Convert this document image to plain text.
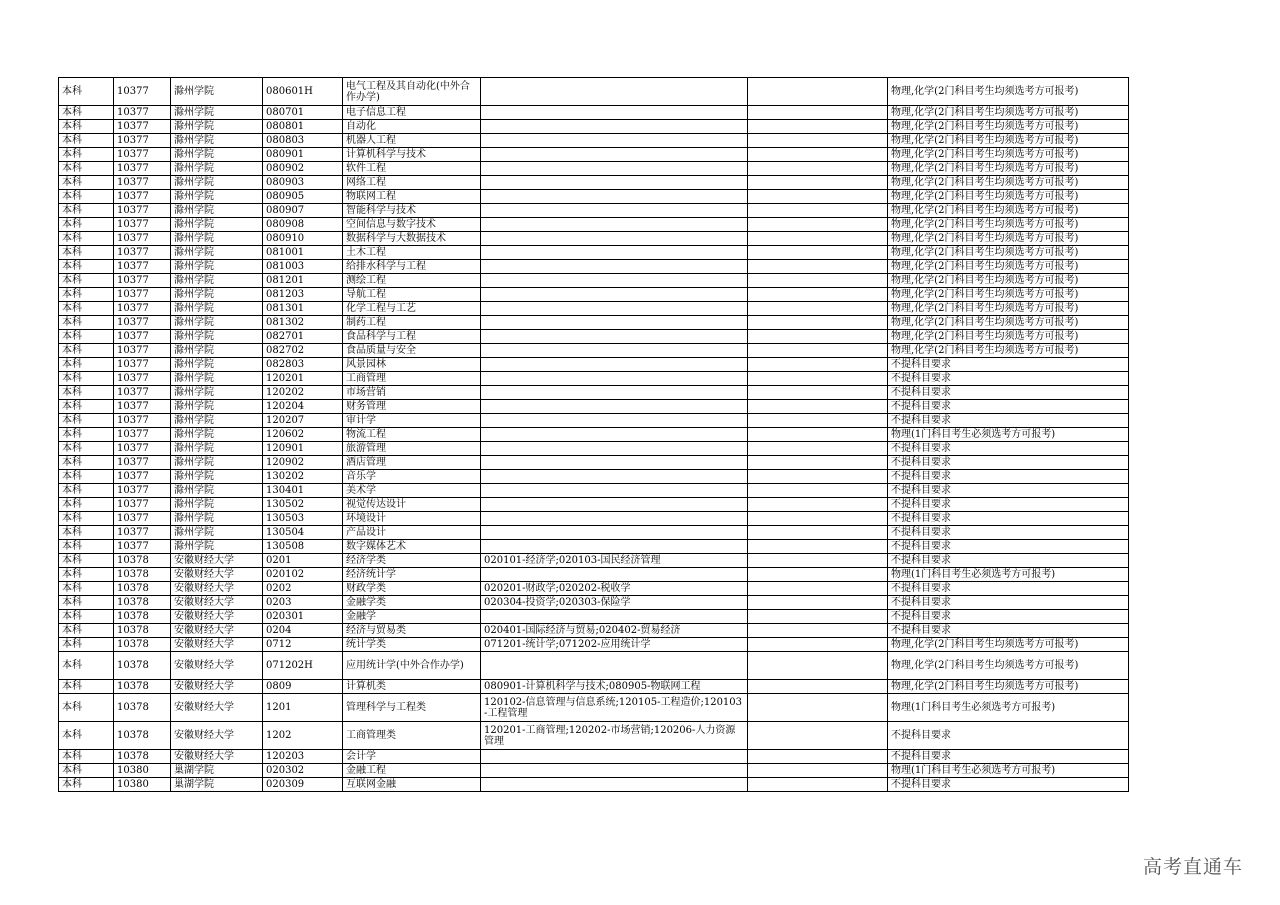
本科	10377	滁州学院	080601H	电气工程及其自动化(中外合作办学)			物理,化学(2门科目考生均须选考方可报考)
本科	10377	滁州学院	080701	电子信息工程			物理,化学(2门科目考生均须选考方可报考)
本科	10377	滁州学院	080801	自动化			物理,化学(2门科目考生均须选考方可报考)
本科	10377	滁州学院	080803	机器人工程			物理,化学(2门科目考生均须选考方可报考)
本科	10377	滁州学院	080901	计算机科学与技术			物理,化学(2门科目考生均须选考方可报考)
本科	10377	滁州学院	080902	软件工程			物理,化学(2门科目考生均须选考方可报考)
本科	10377	滁州学院	080903	网络工程			物理,化学(2门科目考生均须选考方可报考)
本科	10377	滁州学院	080905	物联网工程			物理,化学(2门科目考生均须选考方可报考)
本科	10377	滁州学院	080907	智能科学与技术			物理,化学(2门科目考生均须选考方可报考)
本科	10377	滁州学院	080908	空间信息与数字技术			物理,化学(2门科目考生均须选考方可报考)
本科	10377	滁州学院	080910	数据科学与大数据技术			物理,化学(2门科目考生均须选考方可报考)
本科	10377	滁州学院	081001	土木工程			物理,化学(2门科目考生均须选考方可报考)
本科	10377	滁州学院	081003	给排水科学与工程			物理,化学(2门科目考生均须选考方可报考)
本科	10377	滁州学院	081201	测绘工程			物理,化学(2门科目考生均须选考方可报考)
本科	10377	滁州学院	081203	导航工程			物理,化学(2门科目考生均须选考方可报考)
本科	10377	滁州学院	081301	化学工程与工艺			物理,化学(2门科目考生均须选考方可报考)
本科	10377	滁州学院	081302	制药工程			物理,化学(2门科目考生均须选考方可报考)
本科	10377	滁州学院	082701	食品科学与工程			物理,化学(2门科目考生均须选考方可报考)
本科	10377	滁州学院	082702	食品质量与安全			物理,化学(2门科目考生均须选考方可报考)
本科	10377	滁州学院	082803	风景园林			不提科目要求
本科	10377	滁州学院	120201	工商管理			不提科目要求
本科	10377	滁州学院	120202	市场营销			不提科目要求
本科	10377	滁州学院	120204	财务管理			不提科目要求
本科	10377	滁州学院	120207	审计学			不提科目要求
本科	10377	滁州学院	120602	物流工程			物理(1门科目考生必须选考方可报考)
本科	10377	滁州学院	120901	旅游管理			不提科目要求
本科	10377	滁州学院	120902	酒店管理			不提科目要求
本科	10377	滁州学院	130202	音乐学			不提科目要求
本科	10377	滁州学院	130401	美术学			不提科目要求
本科	10377	滁州学院	130502	视觉传达设计			不提科目要求
本科	10377	滁州学院	130503	环境设计			不提科目要求
本科	10377	滁州学院	130504	产品设计			不提科目要求
本科	10377	滁州学院	130508	数字媒体艺术			不提科目要求
本科	10378	安徽财经大学	0201	经济学类	020101-经济学;020103-国民经济管理		不提科目要求
本科	10378	安徽财经大学	020102	经济统计学			物理(1门科目考生必须选考方可报考)
本科	10378	安徽财经大学	0202	财政学类	020201-财政学;020202-税收学		不提科目要求
本科	10378	安徽财经大学	0203	金融学类	020304-投资学;020303-保险学		不提科目要求
本科	10378	安徽财经大学	020301	金融学			不提科目要求
本科	10378	安徽财经大学	0204	经济与贸易类	020401-国际经济与贸易;020402-贸易经济		不提科目要求
本科	10378	安徽财经大学	0712	统计学类	071201-统计学;071202-应用统计学		物理,化学(2门科目考生均须选考方可报考)
本科	10378	安徽财经大学	071202H	应用统计学(中外合作办学)			物理,化学(2门科目考生均须选考方可报考)
本科	10378	安徽财经大学	0809	计算机类	080901-计算机科学与技术;080905-物联网工程		物理,化学(2门科目考生均须选考方可报考)
本科	10378	安徽财经大学	1201	管理科学与工程类	120102-信息管理与信息系统;120105-工程造价;120103-工程管理		物理(1门科目考生必须选考方可报考)
本科	10378	安徽财经大学	1202	工商管理类	120201-工商管理;120202-市场营销;120206-人力资源管理		不提科目要求
本科	10378	安徽财经大学	120203	会计学			不提科目要求
本科	10380	巢湖学院	020302	金融工程			物理(1门科目考生必须选考方可报考)
本科	10380	巢湖学院	020309	互联网金融			不提科目要求
高考直通车
